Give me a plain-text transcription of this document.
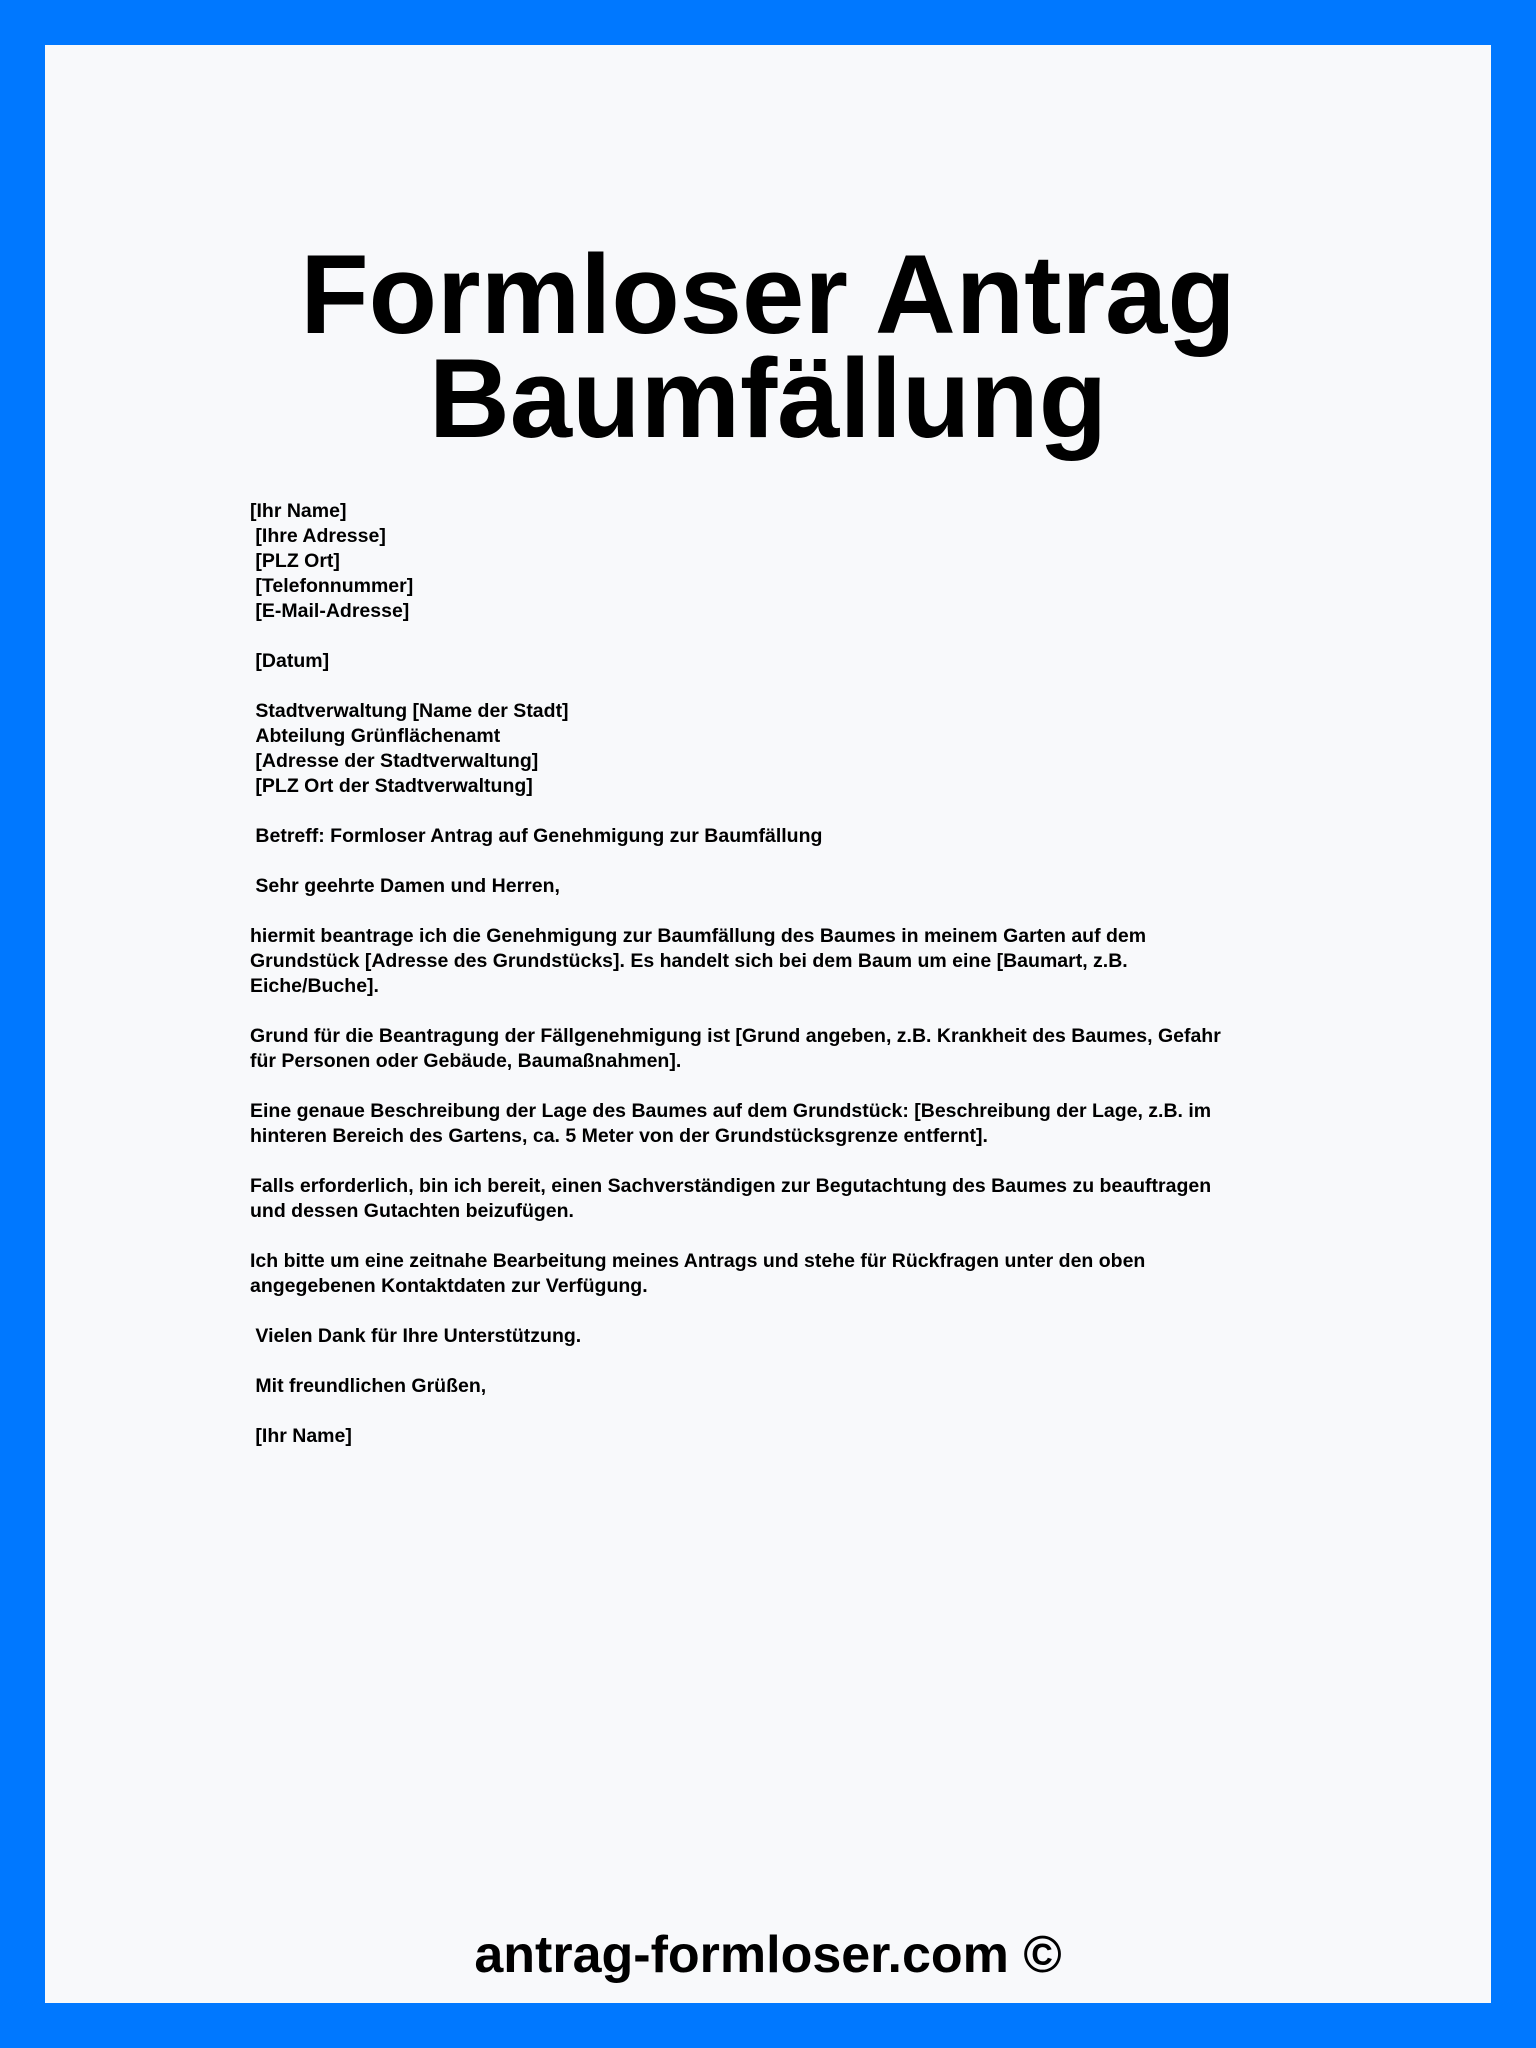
Formloser Antrag
Baumfällung
[Ihr Name]
[Ihre Adresse]
[PLZ Ort]
[Telefonnummer]
[E-Mail-Adresse]

[Datum]

Stadtverwaltung [Name der Stadt]
Abteilung Grünflächenamt
[Adresse der Stadtverwaltung]
[PLZ Ort der Stadtverwaltung]

Betreff: Formloser Antrag auf Genehmigung zur Baumfällung

Sehr geehrte Damen und Herren,

hiermit beantrage ich die Genehmigung zur Baumfällung des Baumes in meinem Garten auf dem
Grundstück [Adresse des Grundstücks]. Es handelt sich bei dem Baum um eine [Baumart, z.B.
Eiche/Buche].

Grund für die Beantragung der Fällgenehmigung ist [Grund angeben, z.B. Krankheit des Baumes, Gefahr
für Personen oder Gebäude, Baumaßnahmen].

Eine genaue Beschreibung der Lage des Baumes auf dem Grundstück: [Beschreibung der Lage, z.B. im
hinteren Bereich des Gartens, ca. 5 Meter von der Grundstücksgrenze entfernt].

Falls erforderlich, bin ich bereit, einen Sachverständigen zur Begutachtung des Baumes zu beauftragen
und dessen Gutachten beizufügen.

Ich bitte um eine zeitnahe Bearbeitung meines Antrags und stehe für Rückfragen unter den oben
angegebenen Kontaktdaten zur Verfügung.

Vielen Dank für Ihre Unterstützung.

Mit freundlichen Grüßen,

[Ihr Name]
antrag-formloser.com ©
